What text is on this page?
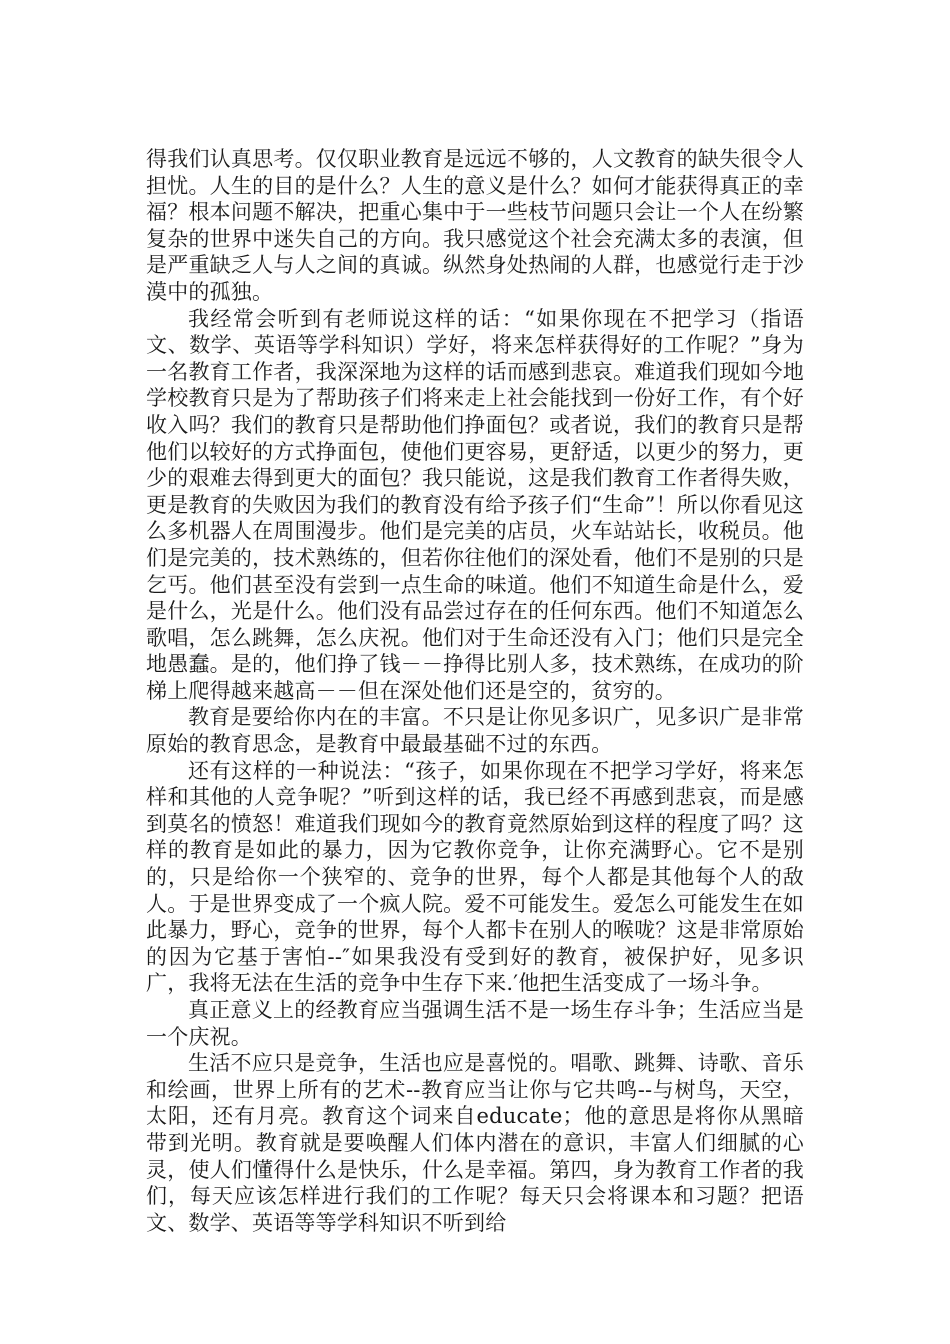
得我们认真思考。仅仅职业教育是远远不够的，人文教育的缺失很令人担忧。人生的目的是什么？人生的意义是什么？如何才能获得真正的幸福？根本问题不解决，把重心集中于一些枝节问题只会让一个人在纷繁复杂的世界中迷失自己的方向。我只感觉这个社会充满太多的表演，但是严重缺乏人与人之间的真诚。纵然身处热闹的人群，也感觉行走于沙漠中的孤独。

我经常会听到有老师说这样的话：“如果你现在不把学习（指语文、数学、英语等学科知识）学好，将来怎样获得好的工作呢？”身为一名教育工作者，我深深地为这样的话而感到悲哀。难道我们现如今地学校教育只是为了帮助孩子们将来走上社会能找到一份好工作，有个好收入吗？我们的教育只是帮助他们挣面包？或者说，我们的教育只是帮他们以较好的方式挣面包，使他们更容易，更舒适，以更少的努力，更少的艰难去得到更大的面包？我只能说，这是我们教育工作者得失败，更是教育的失败因为我们的教育没有给予孩子们“生命”！所以你看见这么多机器人在周围漫步。他们是完美的店员，火车站站长，收税员。他们是完美的，技术熟练的，但若你往他们的深处看，他们不是别的只是乞丐。他们甚至没有尝到一点生命的味道。他们不知道生命是什么，爱是什么，光是什么。他们没有品尝过存在的任何东西。他们不知道怎么歌唱，怎么跳舞，怎么庆祝。他们对于生命还没有入门；他们只是完全地愚蠢。是的，他们挣了钱－－挣得比别人多，技术熟练，在成功的阶梯上爬得越来越高－－但在深处他们还是空的，贫穷的。

教育是要给你内在的丰富。不只是让你见多识广，见多识广是非常原始的教育思念，是教育中最最基础不过的东西。

还有这样的一种说法：“孩子，如果你现在不把学习学好，将来怎样和其他的人竞争呢？”听到这样的话，我已经不再感到悲哀，而是感到莫名的愤怒！难道我们现如今的教育竟然原始到这样的程度了吗？这样的教育是如此的暴力，因为它教你竞争，让你充满野心。它不是别的，只是给你一个狭窄的、竞争的世界，每个人都是其他每个人的敌人。于是世界变成了一个疯人院。爱不可能发生。爱怎么可能发生在如此暴力，野心，竞争的世界，每个人都卡在别人的喉咙？这是非常原始的因为它基于害怕--″如果我没有受到好的教育，被保护好，见多识广，我将无法在生活的竞争中生存下来.′他把生活变成了一场斗争。

真正意义上的经教育应当强调生活不是一场生存斗争；生活应当是一个庆祝。

生活不应只是竞争，生活也应是喜悦的。唱歌、跳舞、诗歌、音乐和绘画，世界上所有的艺术--教育应当让你与它共鸣--与树鸟，天空，太阳，还有月亮。教育这个词来自educate；他的意思是将你从黑暗带到光明。教育就是要唤醒人们体内潜在的意识，丰富人们细腻的心灵，使人们懂得什么是快乐，什么是幸福。第四，身为教育工作者的我们，每天应该怎样进行我们的工作呢？每天只会将课本和习题？把语文、数学、英语等等学科知识不听到给
